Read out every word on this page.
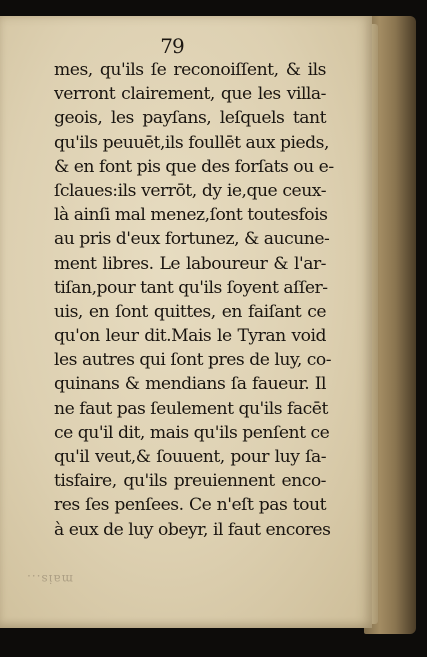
79
mes, qu'ils ſe reconoiſſent, & ils
verront clairement, que les villa-
geois, les payſans, leſquels tant
qu'ils peuuēt,ils foullēt aux pieds,
& en font pis que des forſats ou e-
ſclaues:ils verrōt, dy ie,que ceux-
là ainſi mal menez,ſont toutesfois
au pris d'eux fortunez, & aucune-
ment libres. Le laboureur & l'ar-
tiſan,pour tant qu'ils ſoyent aſſer-
uis, en ſont quittes, en faiſant ce
qu'on leur dit.Mais le Tyran void
les autres qui ſont pres de luy, co-
quinans & mendians ſa faueur. Il
ne faut pas ſeulement qu'ils facēt
ce qu'il dit, mais qu'ils penſent ce
qu'il veut,& ſouuent, pour luy ſa-
tisfaire, qu'ils preuiennent enco-
res ſes penſees. Ce n'eſt pas tout
à eux de luy obeyr, il faut encores
mais...
